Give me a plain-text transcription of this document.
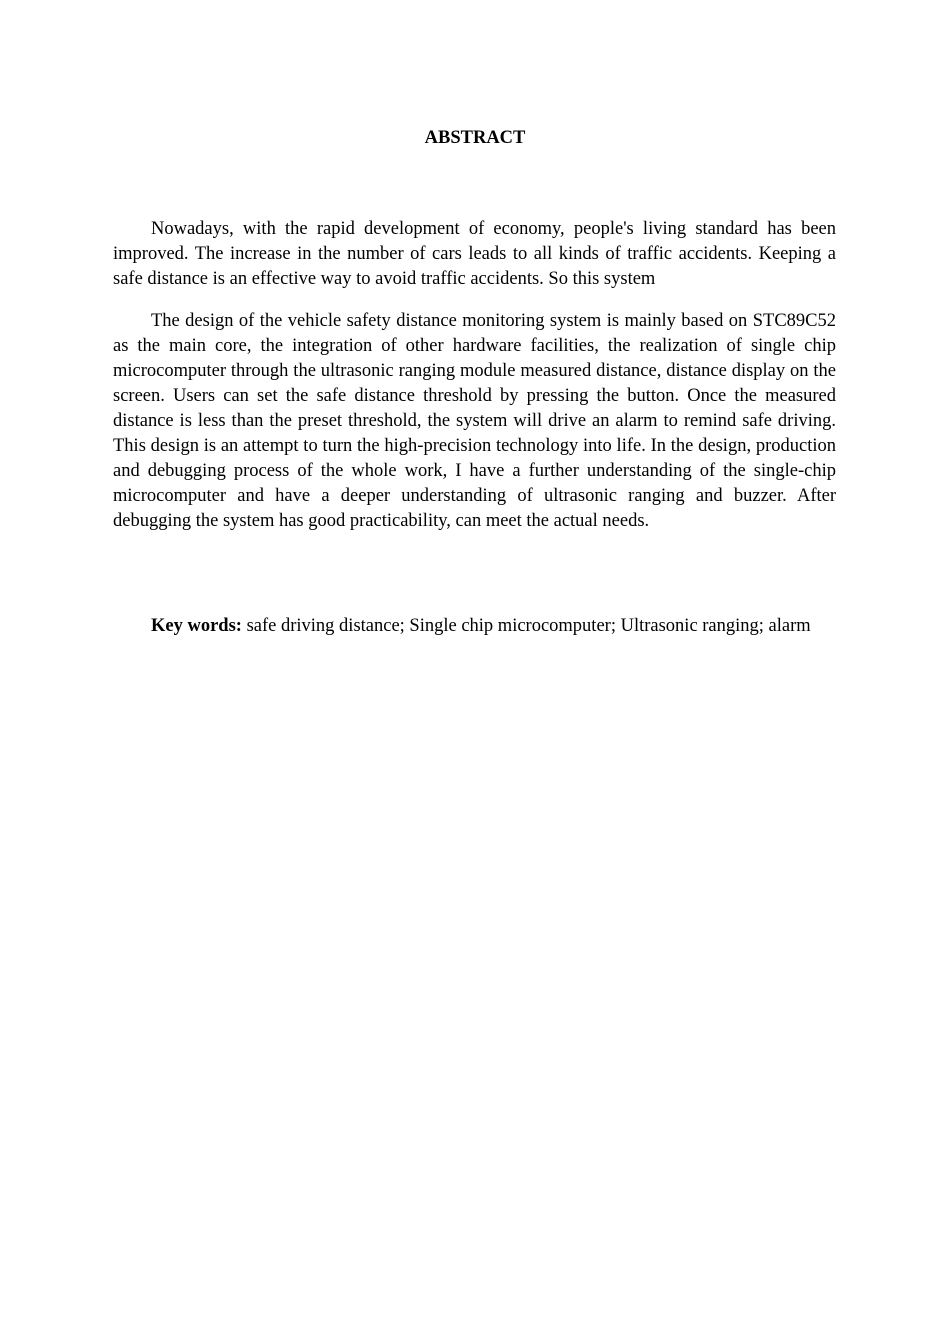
ABSTRACT

Nowadays, with the rapid development of economy, people's living standard has been improved. The increase in the number of cars leads to all kinds of traffic accidents. Keeping a safe distance is an effective way to avoid traffic accidents. So this system

The design of the vehicle safety distance monitoring system is mainly based on STC89C52 as the main core, the integration of other hardware facilities, the realization of single chip microcomputer through the ultrasonic ranging module measured distance, distance display on the screen. Users can set the safe distance threshold by pressing the button. Once the measured distance is less than the preset threshold, the system will drive an alarm to remind safe driving. This design is an attempt to turn the high-precision technology into life. In the design, production and debugging process of the whole work, I have a further understanding of the single-chip microcomputer and have a deeper understanding of ultrasonic ranging and buzzer. After debugging the system has good practicability, can meet the actual needs.

Key words: safe driving distance; Single chip microcomputer; Ultrasonic ranging; alarm
